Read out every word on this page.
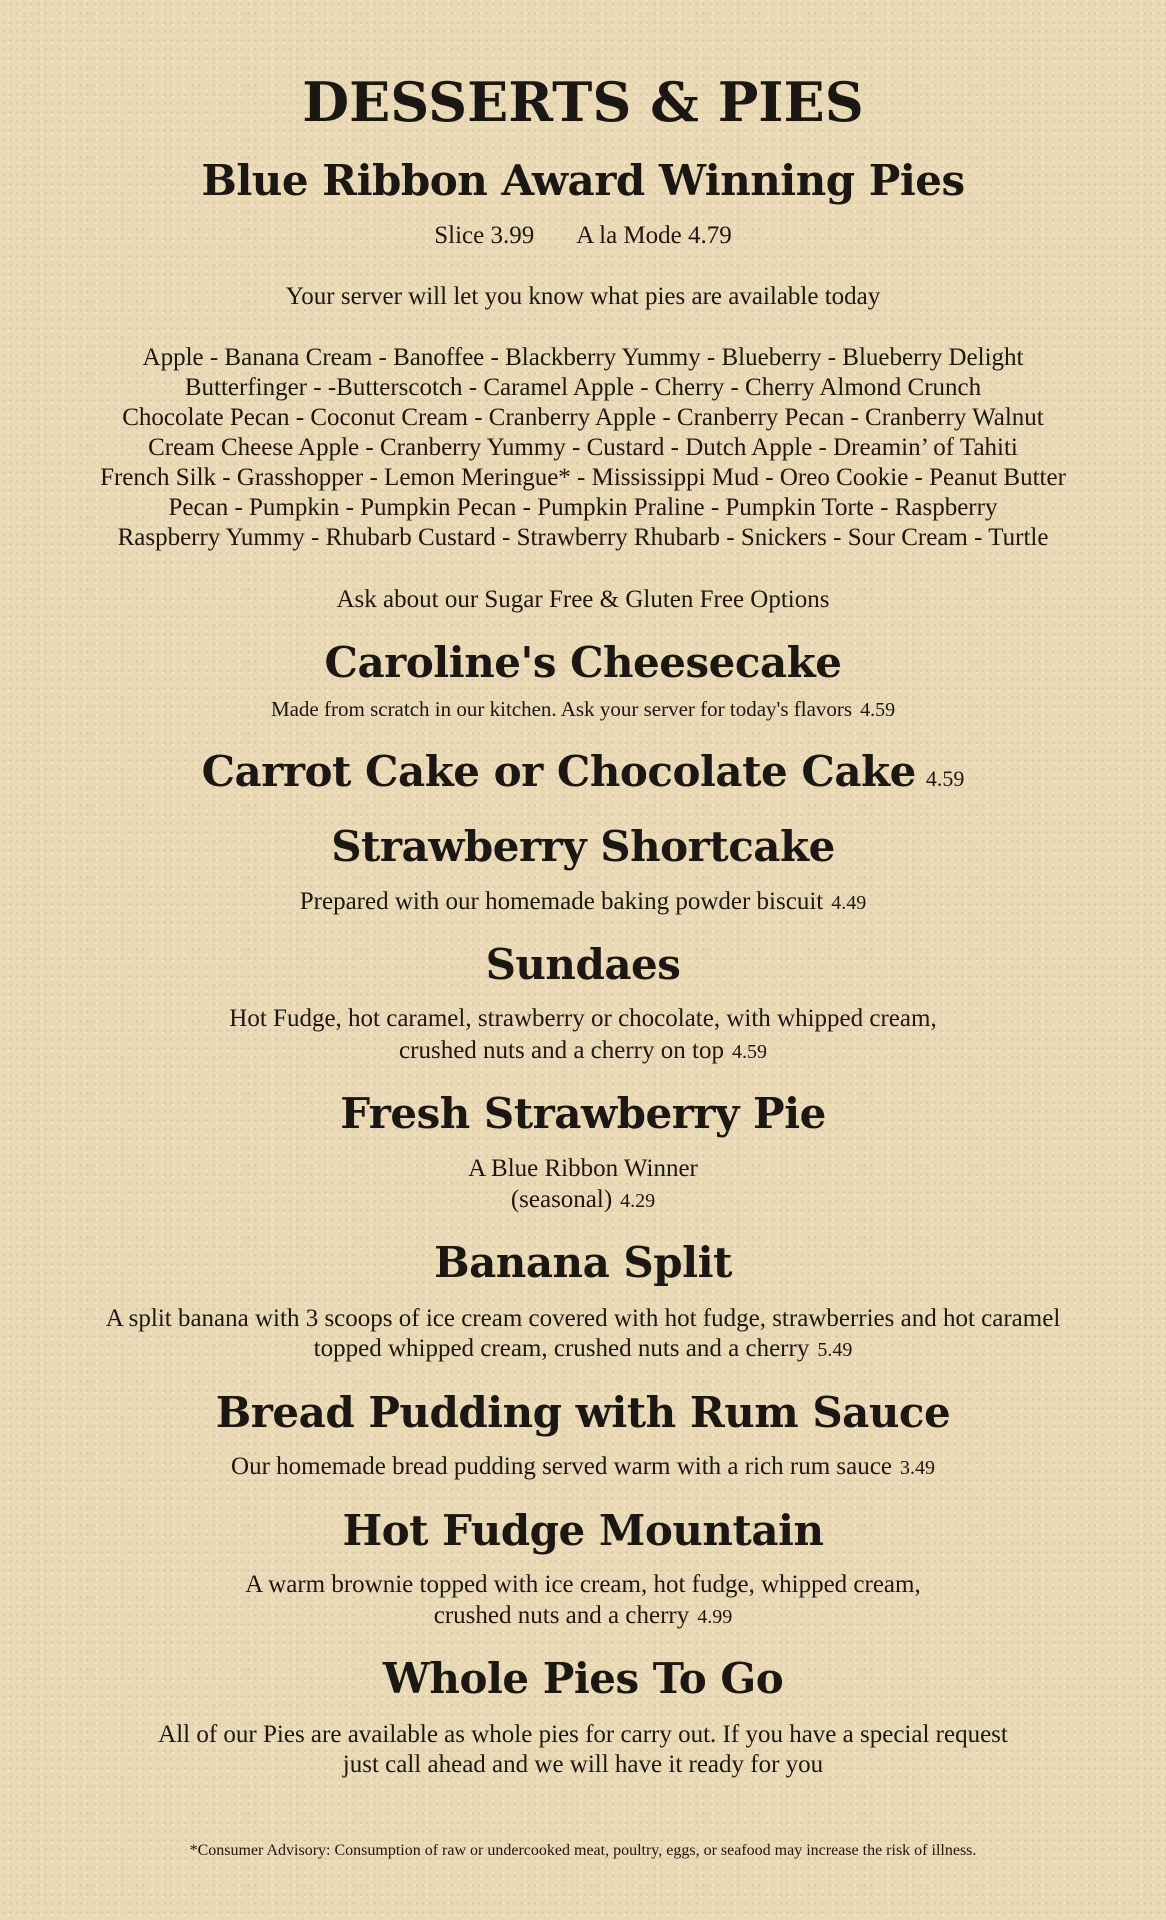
DESSERTS & PIES
Blue Ribbon Award Winning Pies
Slice 3.99 A la Mode 4.79
Your server will let you know what pies are available today
Apple - Banana Cream - Banoffee - Blackberry Yummy - Blueberry - Blueberry Delight
Butterfinger - -Butterscotch - Caramel Apple - Cherry - Cherry Almond Crunch
Chocolate Pecan - Coconut Cream - Cranberry Apple - Cranberry Pecan - Cranberry Walnut
Cream Cheese Apple - Cranberry Yummy - Custard - Dutch Apple - Dreamin’ of Tahiti
French Silk - Grasshopper - Lemon Meringue* - Mississippi Mud - Oreo Cookie - Peanut Butter
Pecan - Pumpkin - Pumpkin Pecan - Pumpkin Praline - Pumpkin Torte - Raspberry
Raspberry Yummy - Rhubarb Custard - Strawberry Rhubarb - Snickers - Sour Cream - Turtle
Ask about our Sugar Free & Gluten Free Options
Caroline's Cheesecake
Made from scratch in our kitchen. Ask your server for today's flavors 4.59
Carrot Cake or Chocolate Cake 4.59
Strawberry Shortcake
Prepared with our homemade baking powder biscuit 4.49
Sundaes
Hot Fudge, hot caramel, strawberry or chocolate, with whipped cream,
crushed nuts and a cherry on top 4.59
Fresh Strawberry Pie
A Blue Ribbon Winner
(seasonal) 4.29
Banana Split
A split banana with 3 scoops of ice cream covered with hot fudge, strawberries and hot caramel
topped whipped cream, crushed nuts and a cherry 5.49
Bread Pudding with Rum Sauce
Our homemade bread pudding served warm with a rich rum sauce 3.49
Hot Fudge Mountain
A warm brownie topped with ice cream, hot fudge, whipped cream,
crushed nuts and a cherry 4.99
Whole Pies To Go
All of our Pies are available as whole pies for carry out. If you have a special request
just call ahead and we will have it ready for you
*Consumer Advisory: Consumption of raw or undercooked meat, poultry, eggs, or seafood may increase the risk of illness.
